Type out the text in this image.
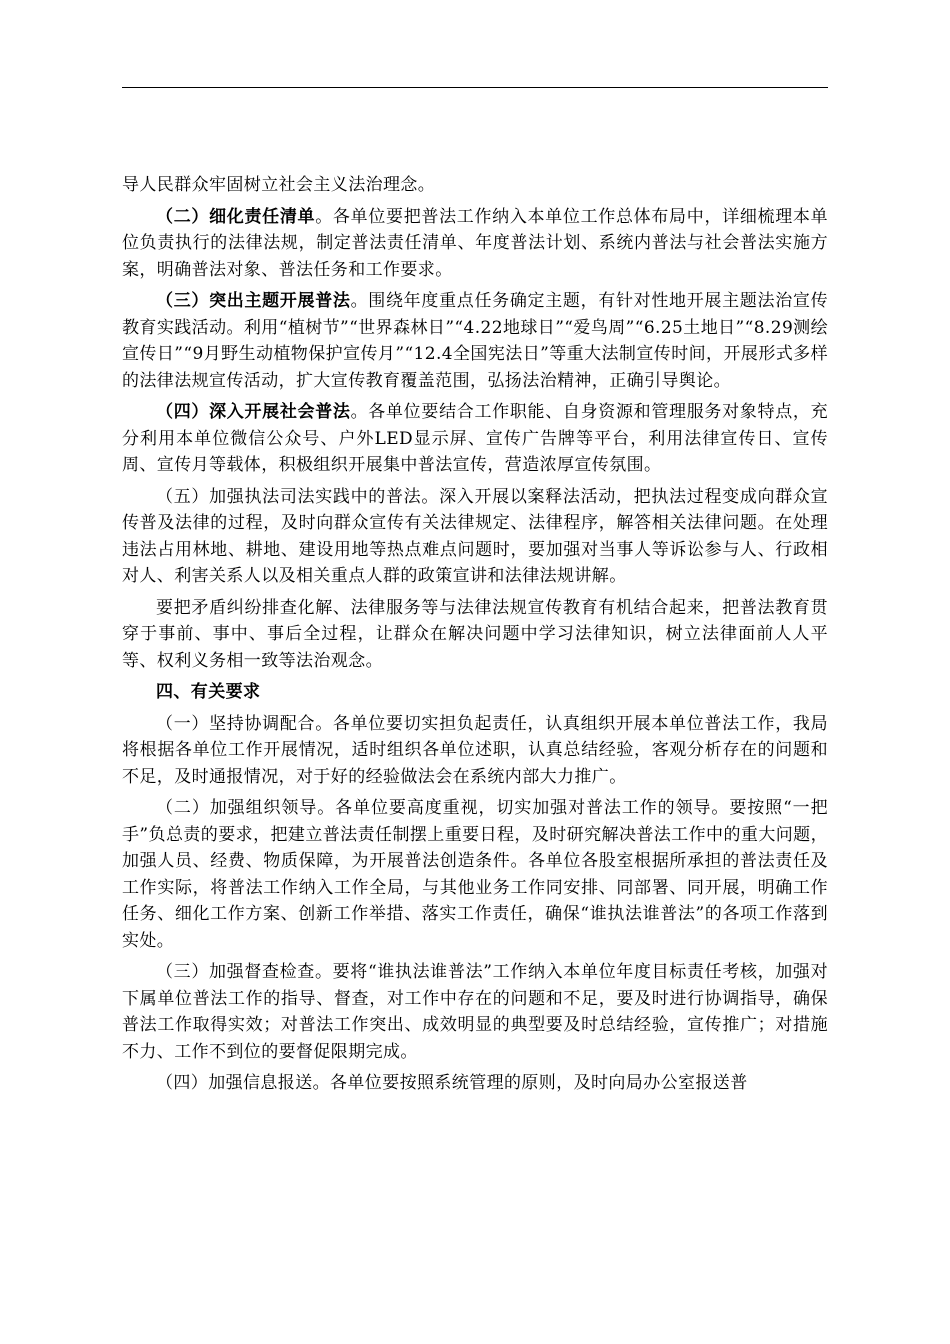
导人民群众牢固树立社会主义法治理念。

（二）细化责任清单。各单位要把普法工作纳入本单位工作总体布局中，详细梳理本单位负责执行的法律法规，制定普法责任清单、年度普法计划、系统内普法与社会普法实施方案，明确普法对象、普法任务和工作要求。

（三）突出主题开展普法。围绕年度重点任务确定主题，有针对性地开展主题法治宣传教育实践活动。利用“植树节”“世界森林日”“4.22地球日”“爱鸟周”“6.25土地日”“8.29测绘宣传日”“9月野生动植物保护宣传月”“12.4全国宪法日”等重大法制宣传时间，开展形式多样的法律法规宣传活动，扩大宣传教育覆盖范围，弘扬法治精神，正确引导舆论。

（四）深入开展社会普法。各单位要结合工作职能、自身资源和管理服务对象特点，充分利用本单位微信公众号、户外LED显示屏、宣传广告牌等平台，利用法律宣传日、宣传周、宣传月等载体，积极组织开展集中普法宣传，营造浓厚宣传氛围。

（五）加强执法司法实践中的普法。深入开展以案释法活动，把执法过程变成向群众宣传普及法律的过程，及时向群众宣传有关法律规定、法律程序，解答相关法律问题。在处理违法占用林地、耕地、建设用地等热点难点问题时，要加强对当事人等诉讼参与人、行政相对人、利害关系人以及相关重点人群的政策宣讲和法律法规讲解。

要把矛盾纠纷排查化解、法律服务等与法律法规宣传教育有机结合起来，把普法教育贯穿于事前、事中、事后全过程，让群众在解决问题中学习法律知识，树立法律面前人人平等、权利义务相一致等法治观念。

四、有关要求

（一）坚持协调配合。各单位要切实担负起责任，认真组织开展本单位普法工作，我局将根据各单位工作开展情况，适时组织各单位述职，认真总结经验，客观分析存在的问题和不足，及时通报情况，对于好的经验做法会在系统内部大力推广。

（二）加强组织领导。各单位要高度重视，切实加强对普法工作的领导。要按照“一把手”负总责的要求，把建立普法责任制摆上重要日程，及时研究解决普法工作中的重大问题，加强人员、经费、物质保障，为开展普法创造条件。各单位各股室根据所承担的普法责任及工作实际，将普法工作纳入工作全局，与其他业务工作同安排、同部署、同开展，明确工作任务、细化工作方案、创新工作举措、落实工作责任，确保“谁执法谁普法”的各项工作落到实处。

（三）加强督查检查。要将“谁执法谁普法”工作纳入本单位年度目标责任考核，加强对下属单位普法工作的指导、督查，对工作中存在的问题和不足，要及时进行协调指导，确保普法工作取得实效；对普法工作突出、成效明显的典型要及时总结经验，宣传推广；对措施不力、工作不到位的要督促限期完成。

（四）加强信息报送。各单位要按照系统管理的原则，及时向局办公室报送普
